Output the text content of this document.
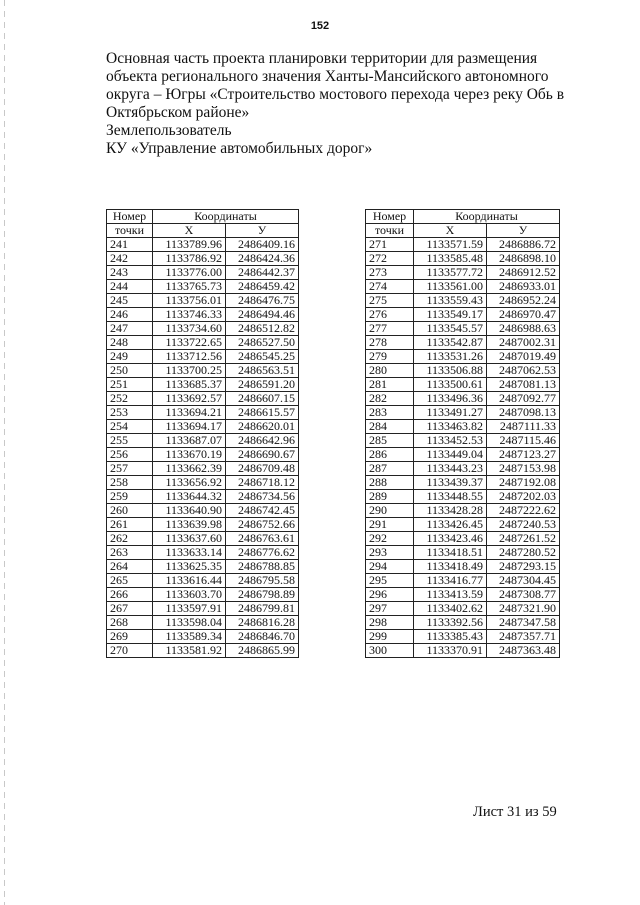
152
Основная часть проекта планировки территории для размещения
объекта регионального значения Ханты-Мансийского автономного
округа – Югры «Строительство мостового перехода через реку Обь в
Октябрьском районе»
Землепользователь
КУ «Управление автомобильных дорог»
Номер	Координаты	
точки	X	У
241	1133789.96	2486409.16
242	1133786.92	2486424.36
243	1133776.00	2486442.37
244	1133765.73	2486459.42
245	1133756.01	2486476.75
246	1133746.33	2486494.46
247	1133734.60	2486512.82
248	1133722.65	2486527.50
249	1133712.56	2486545.25
250	1133700.25	2486563.51
251	1133685.37	2486591.20
252	1133692.57	2486607.15
253	1133694.21	2486615.57
254	1133694.17	2486620.01
255	1133687.07	2486642.96
256	1133670.19	2486690.67
257	1133662.39	2486709.48
258	1133656.92	2486718.12
259	1133644.32	2486734.56
260	1133640.90	2486742.45
261	1133639.98	2486752.66
262	1133637.60	2486763.61
263	1133633.14	2486776.62
264	1133625.35	2486788.85
265	1133616.44	2486795.58
266	1133603.70	2486798.89
267	1133597.91	2486799.81
268	1133598.04	2486816.28
269	1133589.34	2486846.70
270	1133581.92	2486865.99
Номер	Координаты	
точки	X	У
271	1133571.59	2486886.72
272	1133585.48	2486898.10
273	1133577.72	2486912.52
274	1133561.00	2486933.01
275	1133559.43	2486952.24
276	1133549.17	2486970.47
277	1133545.57	2486988.63
278	1133542.87	2487002.31
279	1133531.26	2487019.49
280	1133506.88	2487062.53
281	1133500.61	2487081.13
282	1133496.36	2487092.77
283	1133491.27	2487098.13
284	1133463.82	2487111.33
285	1133452.53	2487115.46
286	1133449.04	2487123.27
287	1133443.23	2487153.98
288	1133439.37	2487192.08
289	1133448.55	2487202.03
290	1133428.28	2487222.62
291	1133426.45	2487240.53
292	1133423.46	2487261.52
293	1133418.51	2487280.52
294	1133418.49	2487293.15
295	1133416.77	2487304.45
296	1133413.59	2487308.77
297	1133402.62	2487321.90
298	1133392.56	2487347.58
299	1133385.43	2487357.71
300	1133370.91	2487363.48
Лист 31 из 59
